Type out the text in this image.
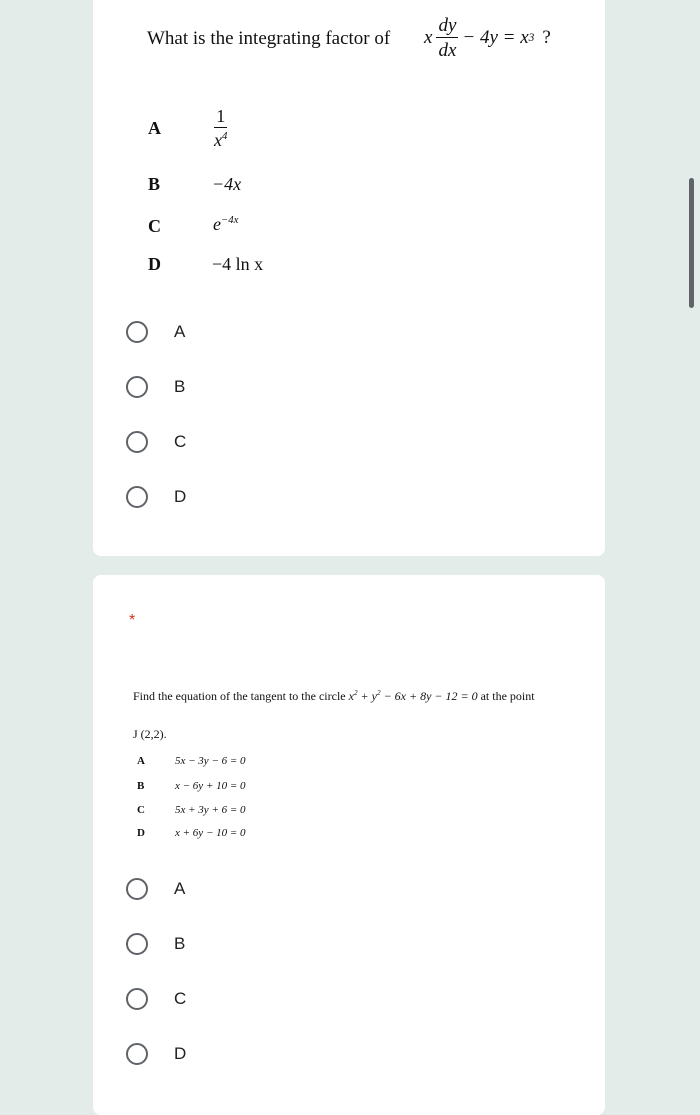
What is the integrating factor of x $\frac{dy}{dx} - 4y = x$ 3 ?
A	$\frac{1}{x^4}$
B	−4x
C	$e^{-4x}$
D	−4 ln x
A
B
C
D
*
Find the equation of the tangent to the circle $x^2 + y^2 - 6x + 8y - 12 = 0$ at the point
J (2,2).
A	5x − 3y − 6 = 0
B	x − 6y + 10 = 0
C	5x + 3y + 6 = 0
D	x + 6y − 10 = 0
A
B
C
D
